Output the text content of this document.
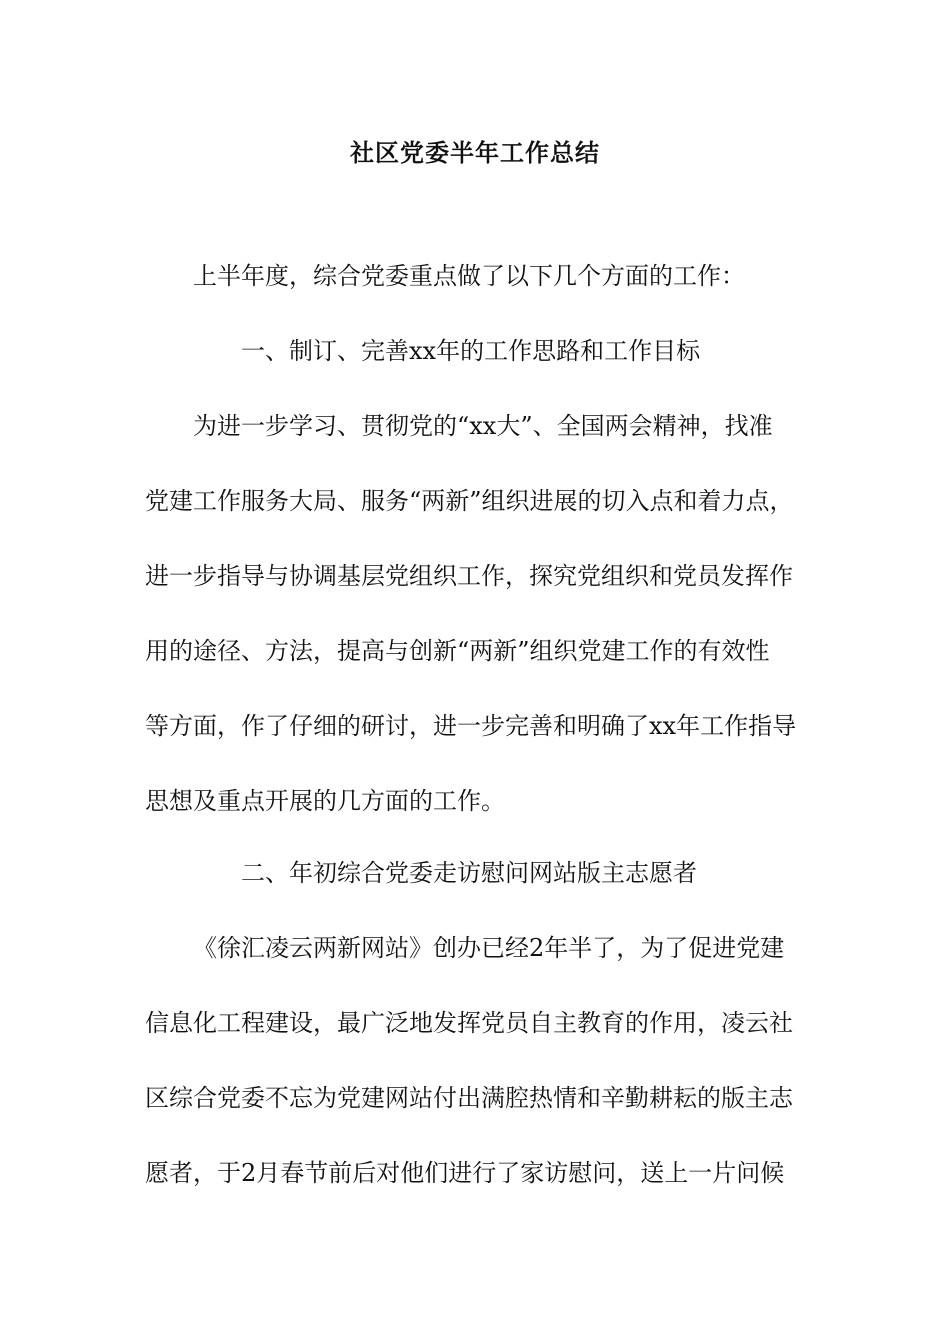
社区党委半年工作总结
上半年度，综合党委重点做了以下几个方面的工作：
一、制订、完善xx年的工作思路和工作目标
为进一步学习、贯彻党的“xx大”、全国两会精神，找准
党建工作服务大局、服务“两新”组织进展的切入点和着力点，
进一步指导与协调基层党组织工作，探究党组织和党员发挥作
用的途径、方法，提高与创新“两新”组织党建工作的有效性
等方面，作了仔细的研讨，进一步完善和明确了xx年工作指导
思想及重点开展的几方面的工作。
二、年初综合党委走访慰问网站版主志愿者
《徐汇凌云两新网站》创办已经2年半了，为了促进党建
信息化工程建设，最广泛地发挥党员自主教育的作用，凌云社
区综合党委不忘为党建网站付出满腔热情和辛勤耕耘的版主志
愿者，于2月春节前后对他们进行了家访慰问，送上一片问候
